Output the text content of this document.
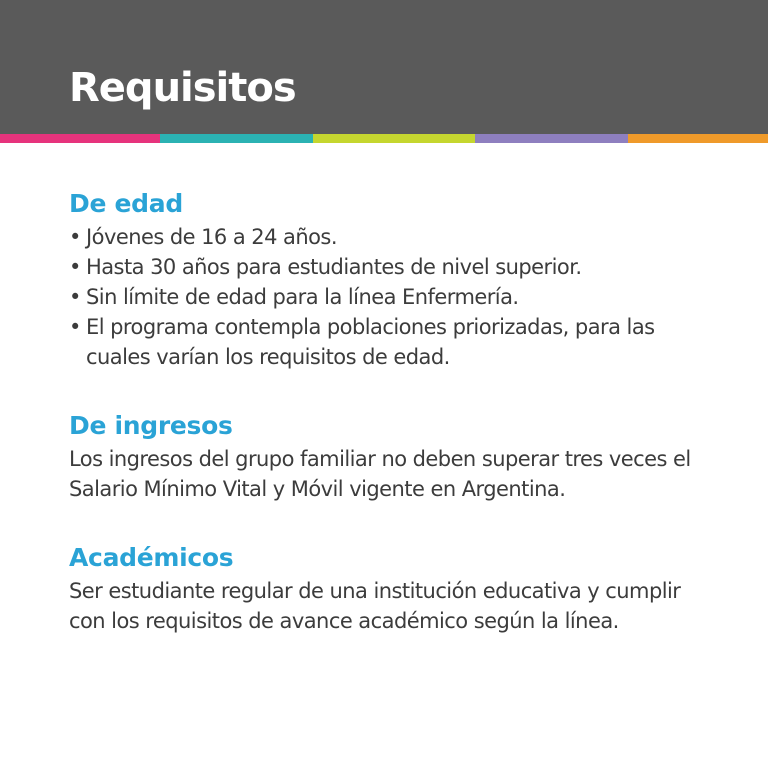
Requisitos
De edad
• Jóvenes de 16 a 24 años.
• Hasta 30 años para estudiantes de nivel superior.
• Sin límite de edad para la línea Enfermería.
• El programa contempla poblaciones priorizadas, para las cuales varían los requisitos de edad.
De ingresos

Los ingresos del grupo familiar no deben superar tres veces el Salario Mínimo Vital y Móvil vigente en Argentina.

Académicos

Ser estudiante regular de una institución educativa y cumplir con los requisitos de avance académico según la línea.
